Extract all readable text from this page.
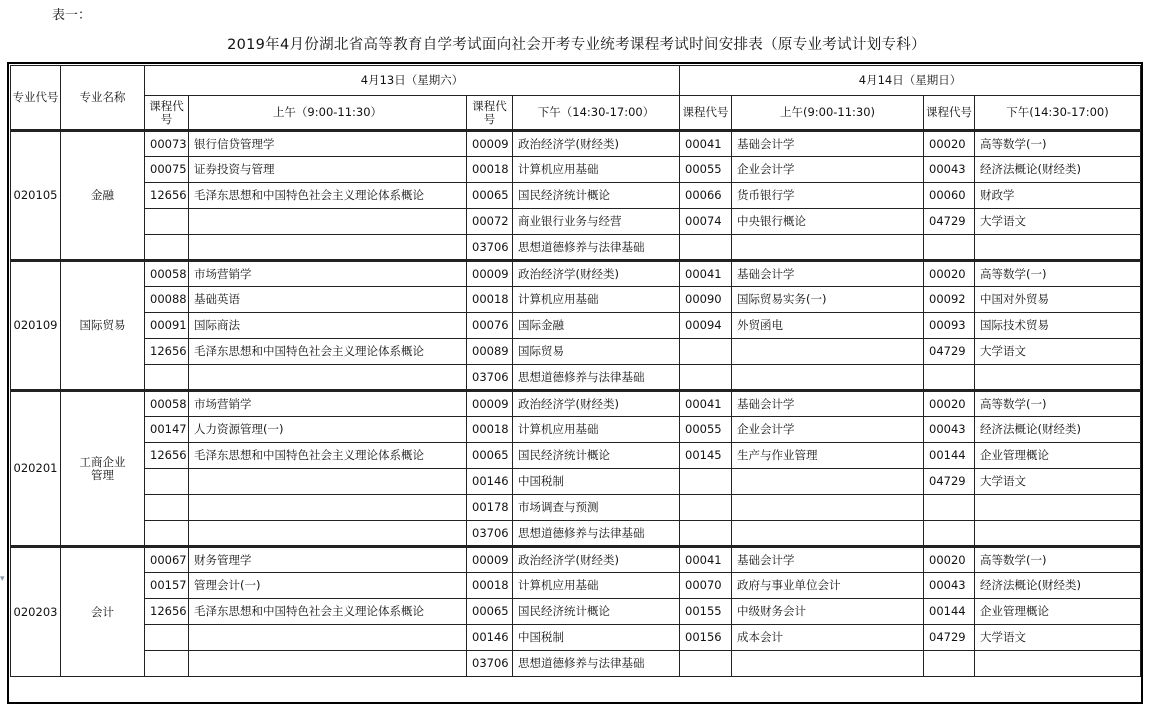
表一：
2019年4月份湖北省高等教育自学考试面向社会开考专业统考课程考试时间安排表（原专业考试计划专科）
▾
专业代号	专业名称	4月13日（星期六）				4月14日（星期日）			
		课程代号	上午（9:00-11:30）	课程代号	下午（14:30-17:00）	课程代号	上午(9:00-11:30)	课程代号	下午(14:30-17:00)
020105	金融	00073	银行信贷管理学	00009	政治经济学(财经类)	00041	基础会计学	00020	高等数学(一)
		00075	证券投资与管理	00018	计算机应用基础	00055	企业会计学	00043	经济法概论(财经类)
		12656	毛泽东思想和中国特色社会主义理论体系概论	00065	国民经济统计概论	00066	货币银行学	00060	财政学
				00072	商业银行业务与经营	00074	中央银行概论	04729	大学语文
				03706	思想道德修养与法律基础				
020109	国际贸易	00058	市场营销学	00009	政治经济学(财经类)	00041	基础会计学	00020	高等数学(一)
		00088	基础英语	00018	计算机应用基础	00090	国际贸易实务(一)	00092	中国对外贸易
		00091	国际商法	00076	国际金融	00094	外贸函电	00093	国际技术贸易
		12656	毛泽东思想和中国特色社会主义理论体系概论	00089	国际贸易			04729	大学语文
				03706	思想道德修养与法律基础				
020201	工商企业管理	00058	市场营销学	00009	政治经济学(财经类)	00041	基础会计学	00020	高等数学(一)
		00147	人力资源管理(一)	00018	计算机应用基础	00055	企业会计学	00043	经济法概论(财经类)
		12656	毛泽东思想和中国特色社会主义理论体系概论	00065	国民经济统计概论	00145	生产与作业管理	00144	企业管理概论
				00146	中国税制			04729	大学语文
				00178	市场调查与预测				
				03706	思想道德修养与法律基础				
020203	会计	00067	财务管理学	00009	政治经济学(财经类)	00041	基础会计学	00020	高等数学(一)
		00157	管理会计(一)	00018	计算机应用基础	00070	政府与事业单位会计	00043	经济法概论(财经类)
		12656	毛泽东思想和中国特色社会主义理论体系概论	00065	国民经济统计概论	00155	中级财务会计	00144	企业管理概论
				00146	中国税制	00156	成本会计	04729	大学语文
				03706	思想道德修养与法律基础				
